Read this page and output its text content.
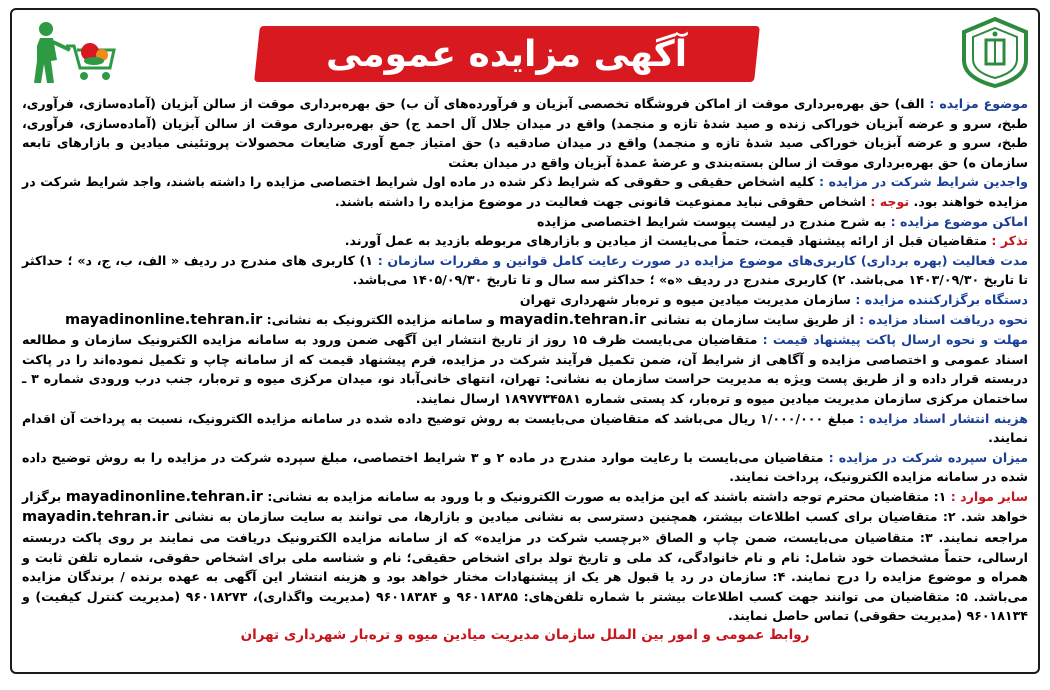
آگهی مزایده عمومی

موضوع مزایده : الف) حق بهره‌برداری موقت از اماکن فروشگاه تخصصی آبزیان و فرآورده‌های آن ب) حق بهره‌برداری موقت از سالن آبزیان (آماده‌سازی، فرآوری، طبخ، سرو و عرضه آبزیان خوراکی زنده و صید شدهٔ تازه و منجمد) واقع در میدان جلال آل احمد ج) حق بهره‌برداری موقت از سالن آبزیان (آماده‌سازی، فرآوری، طبخ، سرو و عرضه آبزیان خوراکی صید شدهٔ تازه و منجمد) واقع در میدان صادقیه د) حق امتیاز جمع آوری ضایعات محصولات پروتئینی میادین و بازارهای تابعه سازمان ه) حق بهره‌برداری موقت از سالن بسته‌بندی و عرضهٔ عمدهٔ آبزیان واقع در میدان بعثت

واجدین شرایط شرکت در مزایده : کلیه اشخاص حقیقی و حقوقی که شرایط ذکر شده در ماده اول شرایط اختصاصی مزایده را داشته باشند، واجد شرایط شرکت در مزایده خواهند بود. توجه : اشخاص حقوقی نباید ممنوعیت قانونی جهت فعالیت در موضوع مزایده را داشته باشند.

اماکن موضوع مزایده : به شرح مندرج در لیست پیوست شرایط اختصاصی مزایده

تذکر : متقاضیان قبل از ارائه پیشنهاد قیمت، حتماً می‌بایست از میادین و بازارهای مربوطه بازدید به عمل آورند.

مدت فعالیت (بهره برداری) کاربری‌های موضوع مزایده در صورت رعایت کامل قوانین و مقررات سازمان : ۱) کاربری های مندرج در ردیف « الف، ب، ج، د» ؛ حداکثر تا تاریخ ۱۴۰۳/۰۹/۳۰ می‌باشد. ۲) کاربری مندرج در ردیف «ه» ؛ حداکثر سه سال و تا تاریخ ۱۴۰۵/۰۹/۳۰ می‌باشد.

دستگاه برگزارکننده مزایده : سازمان مدیریت میادین میوه و تره‌بار شهرداری تهران

نحوه دریافت اسناد مزایده : از طریق سایت سازمان به نشانی mayadin.tehran.ir و سامانه مزایده الکترونیک به نشانی: mayadinonline.tehran.ir

مهلت و نحوه ارسال پاکت پیشنهاد قیمت : متقاضیان می‌بایست ظرف ۱۵ روز از تاریخ انتشار این آگهی ضمن ورود به سامانه مزایده الکترونیک سازمان و مطالعه اسناد عمومی و اختصاصی مزایده و آگاهی از شرایط آن، ضمن تکمیل فرآیند شرکت در مزایده، فرم پیشنهاد قیمت که از سامانه چاپ و تکمیل نموده‌اند را در پاکت دربسته قرار داده و از طریق پست ویژه به مدیریت حراست سازمان به نشانی: تهران، انتهای خانی‌آباد نو، میدان مرکزی میوه و تره‌بار، جنب درب ورودی شماره ۳ ـ ساختمان مرکزی سازمان مدیریت میادین میوه و تره‌بار، کد پستی شماره ۱۸۹۷۷۳۴۵۸۱ ارسال نمایند.

هزینه انتشار اسناد مزایده : مبلغ ۱/۰۰۰/۰۰۰ ریال می‌باشد که متقاضیان می‌بایست به روش توضیح داده شده در سامانه مزایده الکترونیک، نسبت به پرداخت آن اقدام نمایند.

میزان سپرده شرکت در مزایده : متقاضیان می‌بایست با رعایت موارد مندرج در ماده ۲ و ۳ شرایط اختصاصی، مبلغ سپرده شرکت در مزایده را به روش توضیح داده شده در سامانه مزایده الکترونیک، پرداخت نمایند.

سایر موارد : ۱: متقاضیان محترم توجه داشته باشند که این مزایده به صورت الکترونیک و با ورود به سامانه مزایده به نشانی: mayadinonline.tehran.ir برگزار خواهد شد. ۲: متقاضیان برای کسب اطلاعات بیشتر، همچنین دسترسی به نشانی میادین و بازارها، می توانند به سایت سازمان به نشانی mayadin.tehran.ir مراجعه نمایند. ۳: متقاضیان می‌بایست، ضمن چاپ و الصاق «برچسب شرکت در مزایده» که از سامانه مزایده الکترونیک دریافت می نمایند بر روی پاکت دربسته ارسالی، حتماً مشخصات خود شامل: نام و نام خانوادگی، کد ملی و تاریخ تولد برای اشخاص حقیقی؛ نام و شناسه ملی برای اشخاص حقوقی، شماره تلفن ثابت و همراه و موضوع مزایده را درج نمایند. ۴: سازمان در رد یا قبول هر یک از پیشنهادات مختار خواهد بود و هزینه انتشار این آگهی به عهده برنده / برندگان مزایده می‌باشد. ۵: متقاضیان می توانند جهت کسب اطلاعات بیشتر با شماره تلفن‌های: ۹۶۰۱۸۳۸۵ و ۹۶۰۱۸۳۸۴ (مدیریت واگذاری)، ۹۶۰۱۸۲۷۳ (مدیریت کنترل کیفیت) و ۹۶۰۱۸۱۳۴ (مدیریت حقوقی) تماس حاصل نمایند.

روابط عمومی و امور بین الملل سازمان مدیریت میادین میوه و تره‌بار شهرداری تهران
